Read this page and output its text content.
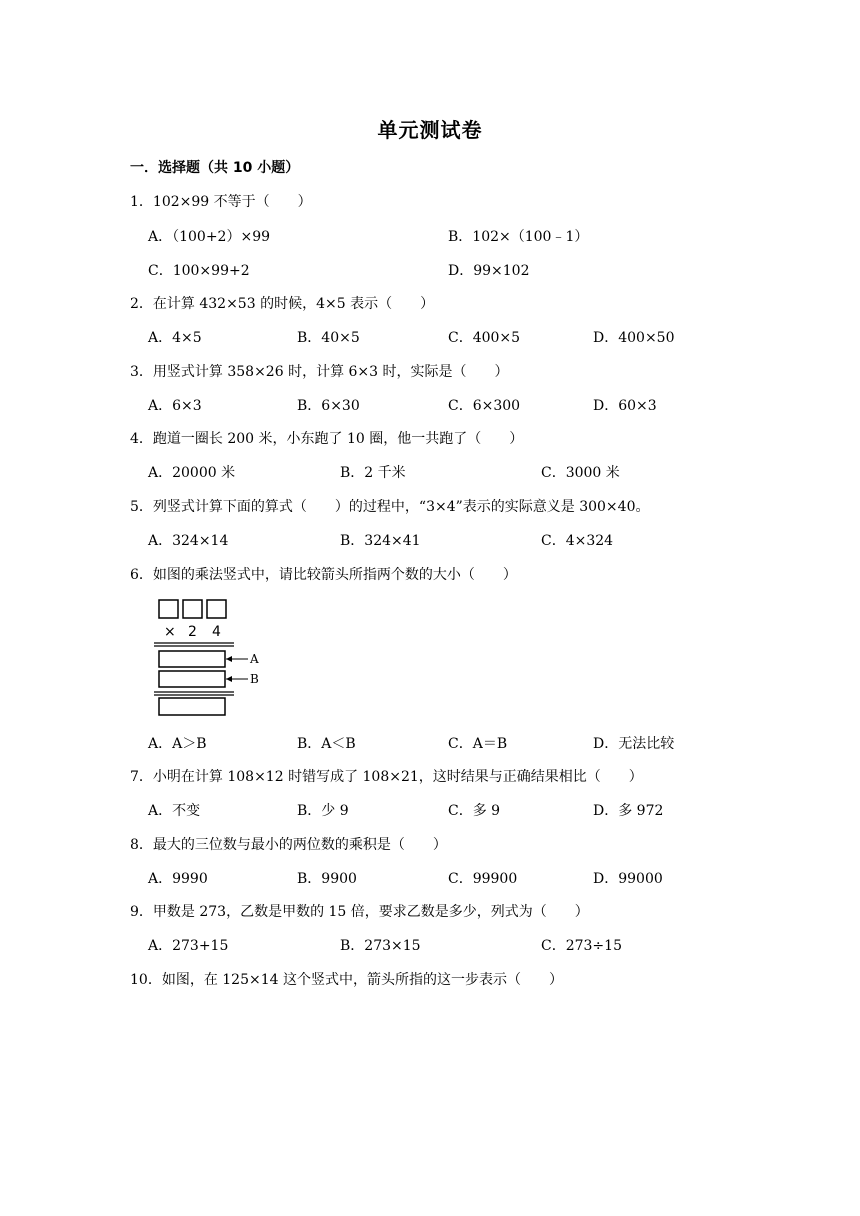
单元测试卷
一．选择题（共 10 小题）
1．102×99 不等于（　　）
A．（100+2）×99	B．102×（100﹣1）
C．100×99+2	D．99×102
2．在计算 432×53 的时候，4×5 表示（　　）
A．4×5	B．40×5	C．400×5	D．400×50
3．用竖式计算 358×26 时，计算 6×3 时，实际是（　　）
A．6×3	B．6×30	C．6×300	D．60×3
4．跑道一圈长 200 米，小东跑了 10 圈，他一共跑了（　　）
A．20000 米	B．2 千米	C．3000 米
5．列竖式计算下面的算式（　　）的过程中，“3×4”表示的实际意义是 300×40。
A．324×14	B．324×41	C．4×324
6．如图的乘法竖式中，请比较箭头所指两个数的大小（　　）
× 2 4
A
B
A．A＞B	B．A＜B	C．A＝B	D．无法比较
7．小明在计算 108×12 时错写成了 108×21，这时结果与正确结果相比（　　）
A．不变	B．少 9	C．多 9	D．多 972
8．最大的三位数与最小的两位数的乘积是（　　）
A．9990	B．9900	C．99900	D．99000
9．甲数是 273，乙数是甲数的 15 倍，要求乙数是多少，列式为（　　）
A．273+15	B．273×15	C．273÷15
10．如图，在 125×14 这个竖式中，箭头所指的这一步表示（　　）
